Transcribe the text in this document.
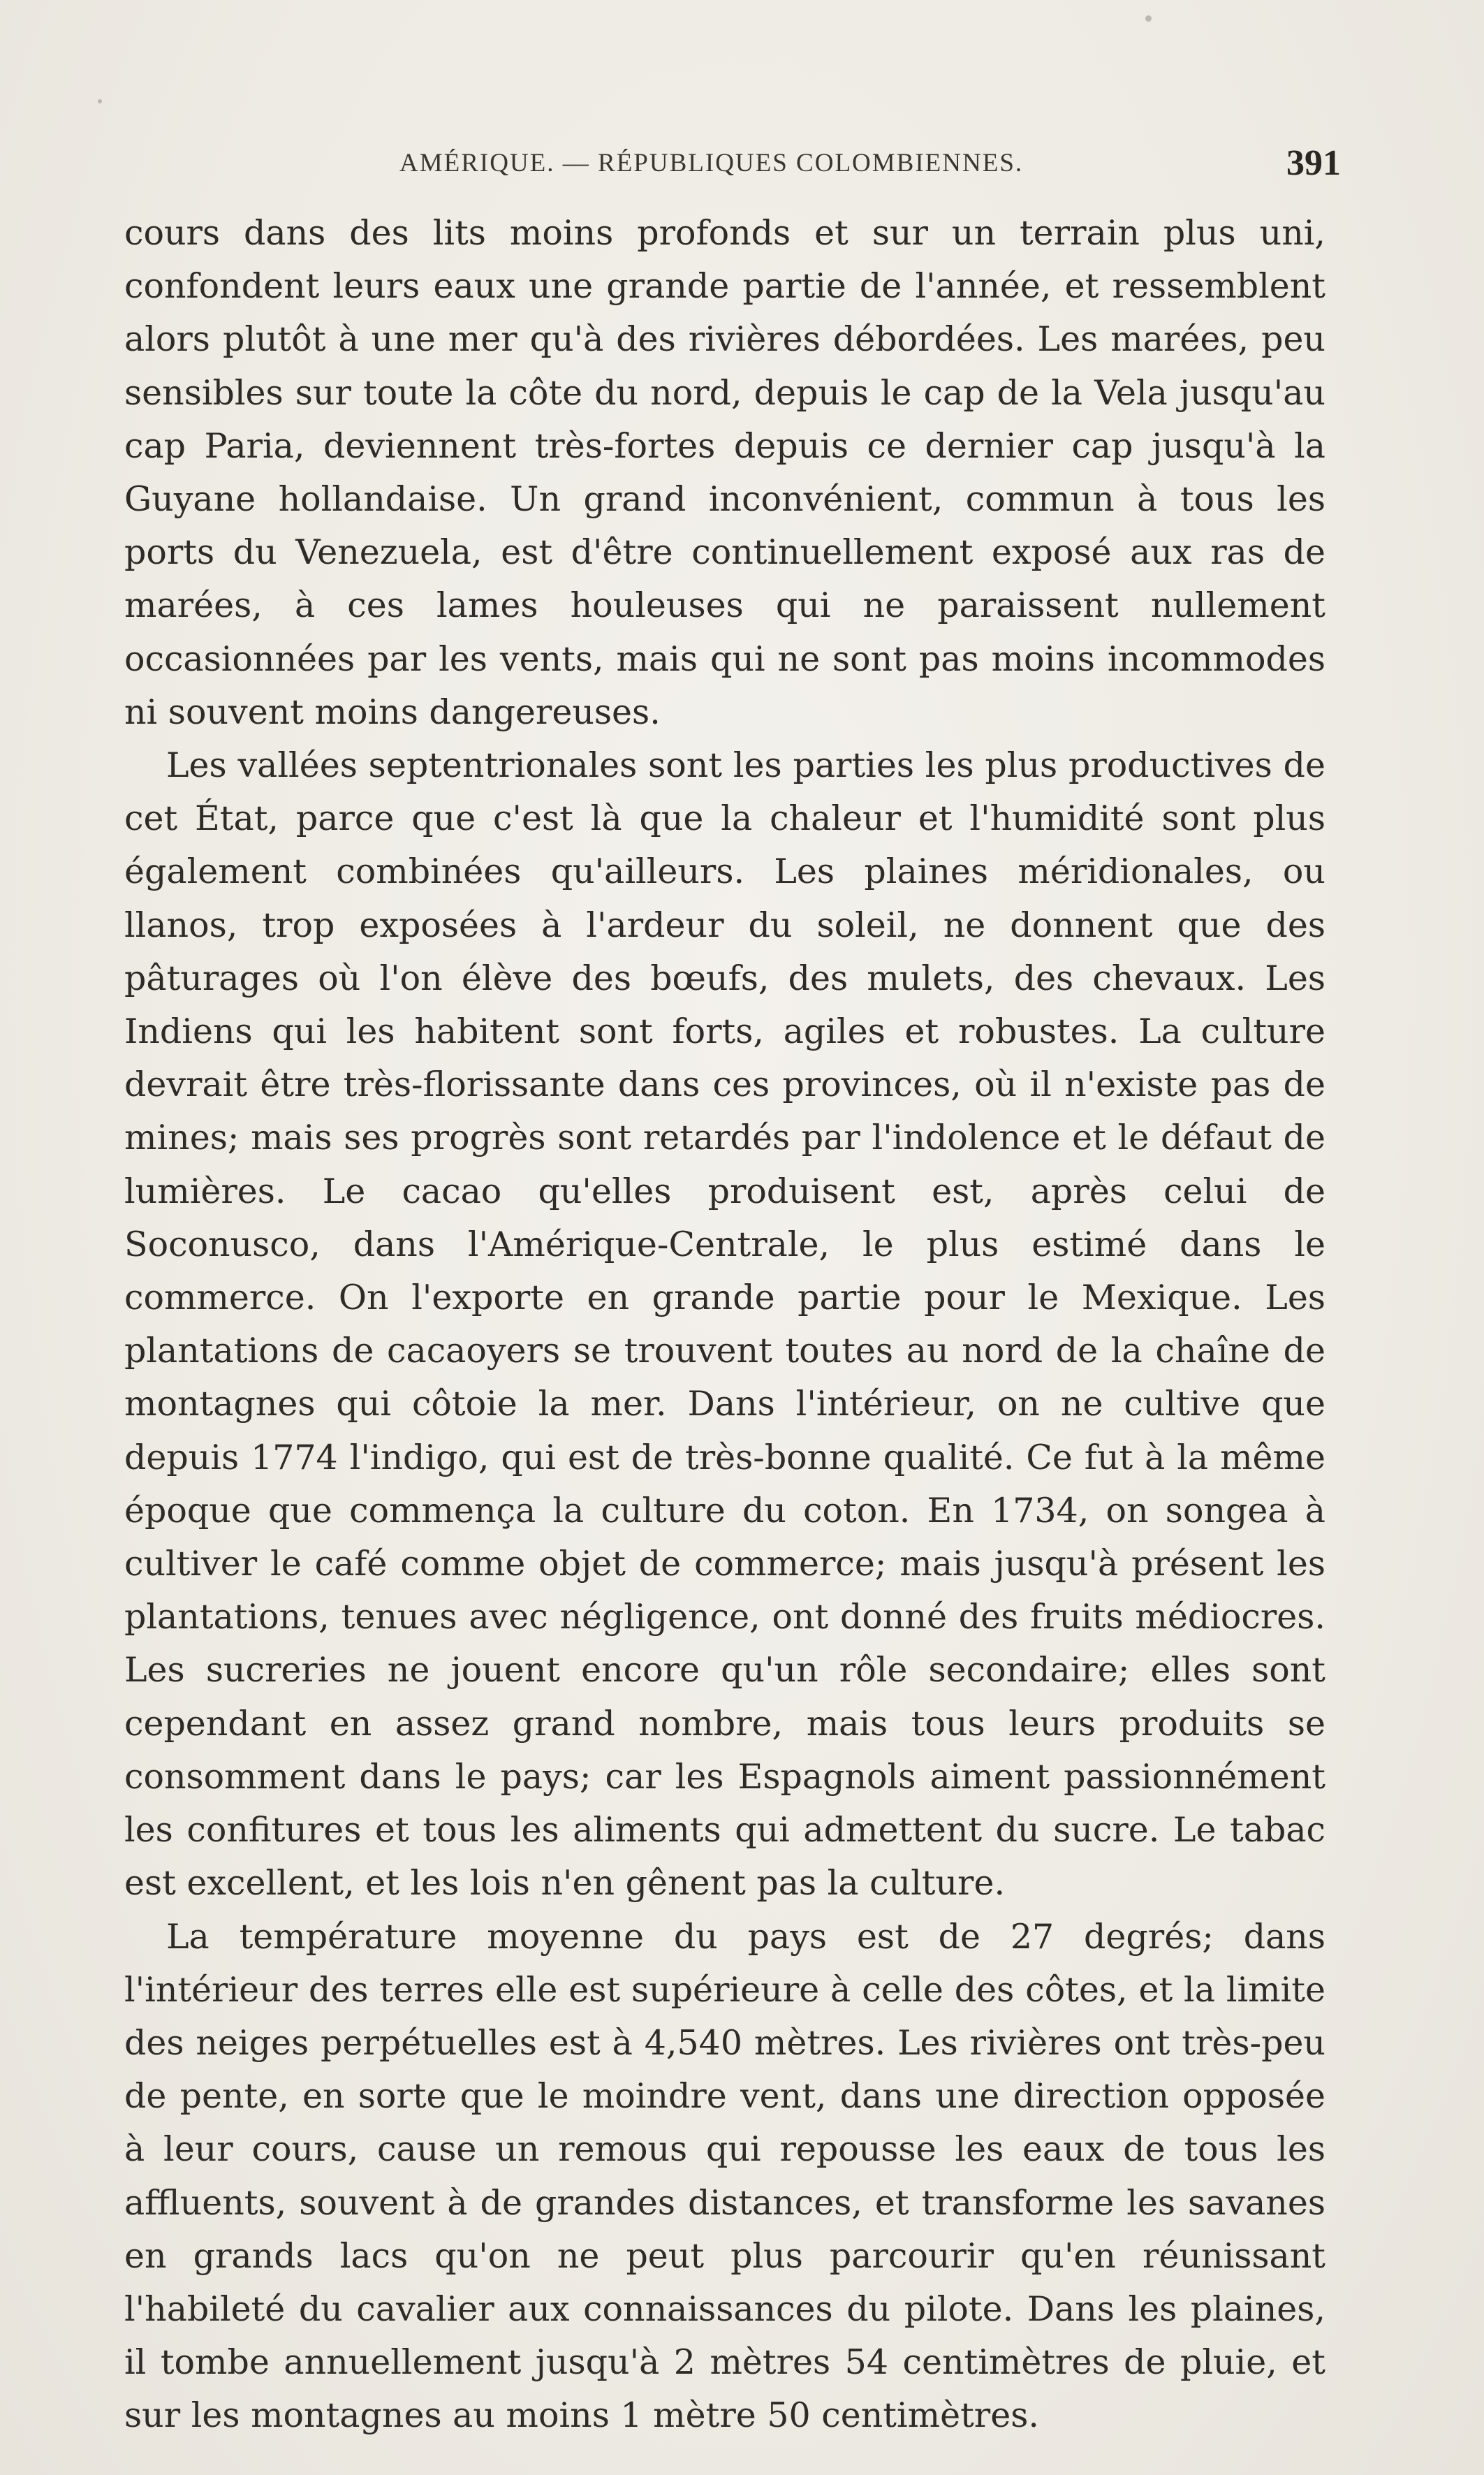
AMÉRIQUE. — RÉPUBLIQUES COLOMBIENNES.	391

cours dans des lits moins profonds et sur un terrain plus uni, confondent leurs eaux une grande partie de l'année, et ressemblent alors plutôt à une mer qu'à des rivières débordées. Les marées, peu sensibles sur toute la côte du nord, depuis le cap de la Vela jusqu'au cap Paria, deviennent très-fortes depuis ce dernier cap jusqu'à la Guyane hollandaise. Un grand inconvénient, commun à tous les ports du Venezuela, est d'être continuellement exposé aux ras de marées, à ces lames houleuses qui ne paraissent nullement occasionnées par les vents, mais qui ne sont pas moins incommodes ni souvent moins dangereuses.

Les vallées septentrionales sont les parties les plus productives de cet État, parce que c'est là que la chaleur et l'humidité sont plus également combinées qu'ailleurs. Les plaines méridionales, ou llanos, trop exposées à l'ardeur du soleil, ne donnent que des pâturages où l'on élève des bœufs, des mulets, des chevaux. Les Indiens qui les habitent sont forts, agiles et robustes. La culture devrait être très-florissante dans ces provinces, où il n'existe pas de mines; mais ses progrès sont retardés par l'indolence et le défaut de lumières. Le cacao qu'elles produisent est, après celui de Soconusco, dans l'Amérique-Centrale, le plus estimé dans le commerce. On l'exporte en grande partie pour le Mexique. Les plantations de cacaoyers se trouvent toutes au nord de la chaîne de montagnes qui côtoie la mer. Dans l'intérieur, on ne cultive que depuis 1774 l'indigo, qui est de très-bonne qualité. Ce fut à la même époque que commença la culture du coton. En 1734, on songea à cultiver le café comme objet de commerce; mais jusqu'à présent les plantations, tenues avec négligence, ont donné des fruits médiocres. Les sucreries ne jouent encore qu'un rôle secondaire; elles sont cependant en assez grand nombre, mais tous leurs produits se consomment dans le pays; car les Espagnols aiment passionnément les confitures et tous les aliments qui admettent du sucre. Le tabac est excellent, et les lois n'en gênent pas la culture.

La température moyenne du pays est de 27 degrés; dans l'intérieur des terres elle est supérieure à celle des côtes, et la limite des neiges perpétuelles est à 4,540 mètres. Les rivières ont très-peu de pente, en sorte que le moindre vent, dans une direction opposée à leur cours, cause un remous qui repousse les eaux de tous les affluents, souvent à de grandes distances, et transforme les savanes en grands lacs qu'on ne peut plus parcourir qu'en réunissant l'habileté du cavalier aux connaissances du pilote. Dans les plaines, il tombe annuellement jusqu'à 2 mètres 54 centimètres de pluie, et sur les montagnes au moins 1 mètre 50 centimètres.
